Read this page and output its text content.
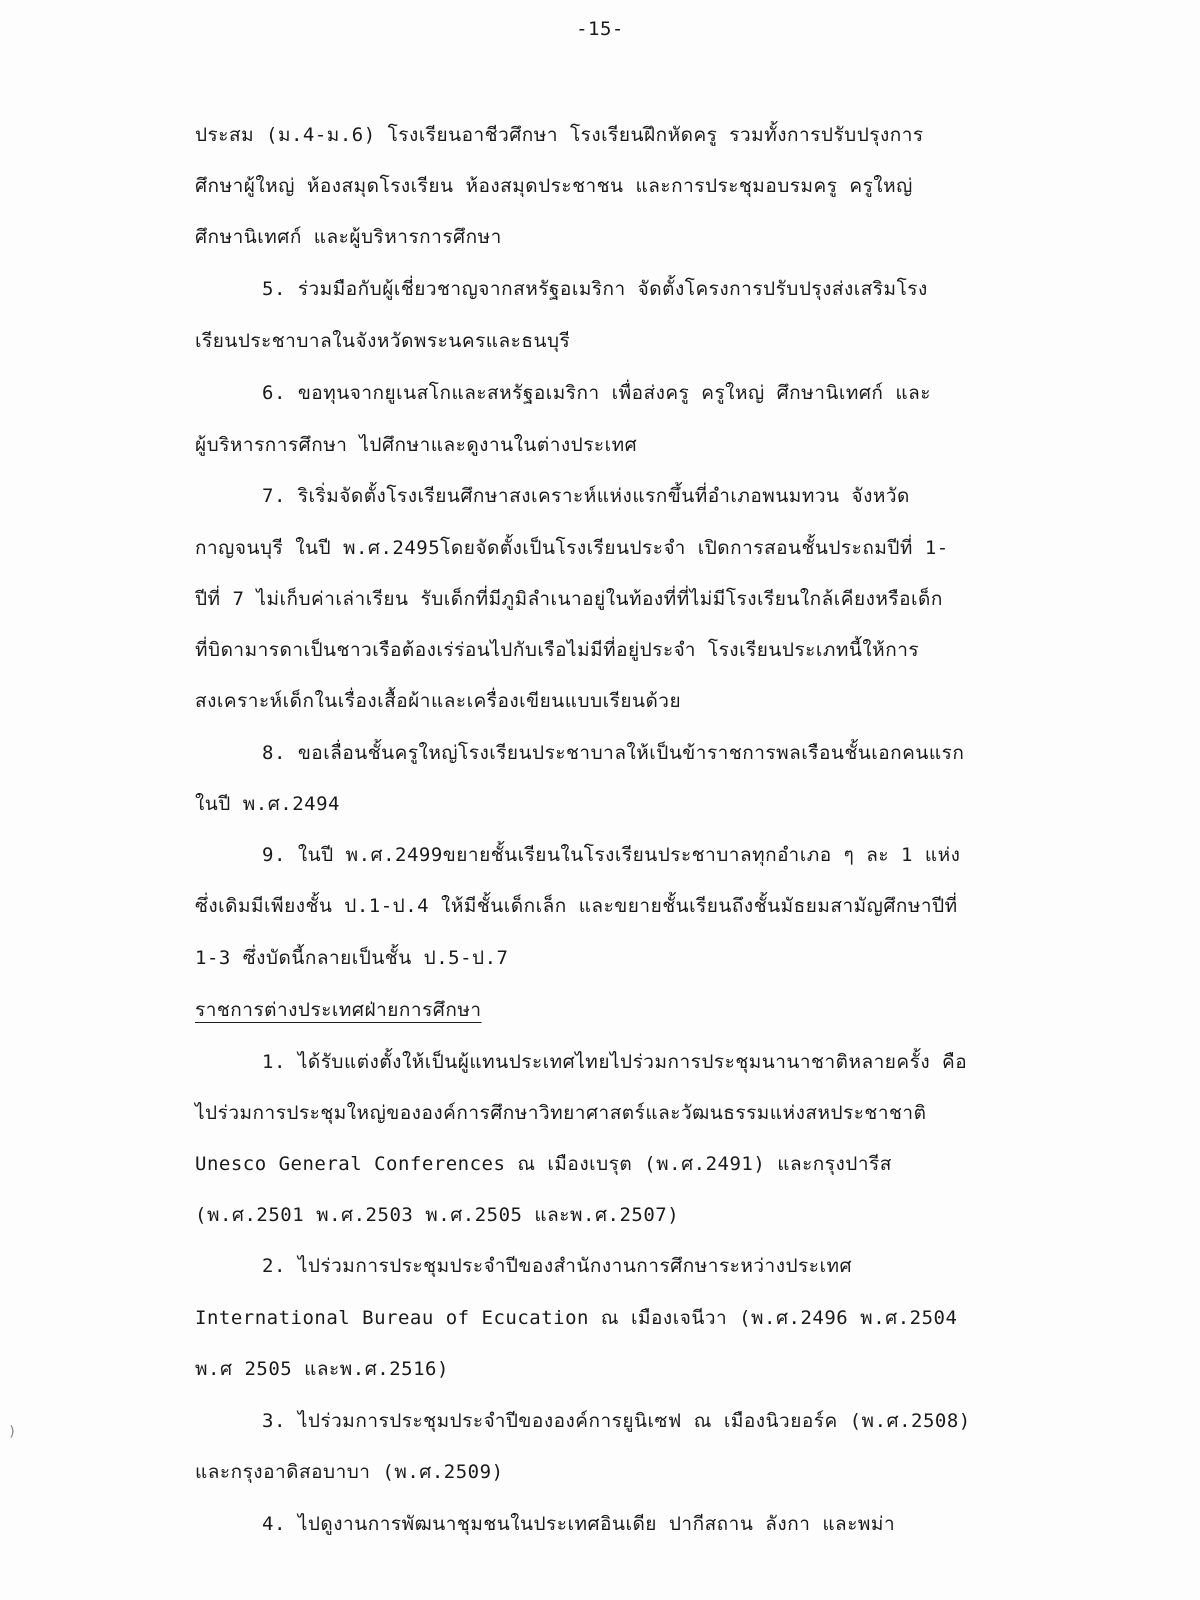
-15-
ประสม (ม.4-ม.6) โรงเรียนอาชีวศึกษา โรงเรียนฝึกหัดครู รวมทั้งการปรับปรุงการ
ศึกษาผู้ใหญ่ ห้องสมุดโรงเรียน ห้องสมุดประชาชน และการประชุมอบรมครู ครูใหญ่
ศึกษานิเทศก์ และผู้บริหารการศึกษา
5. ร่วมมือกับผู้เชี่ยวชาญจากสหรัฐอเมริกา จัดตั้งโครงการปรับปรุงส่งเสริมโรง
เรียนประชาบาลในจังหวัดพระนครและธนบุรี
6. ขอทุนจากยูเนสโกและสหรัฐอเมริกา เพื่อส่งครู ครูใหญ่ ศึกษานิเทศก์ และ
ผู้บริหารการศึกษา ไปศึกษาและดูงานในต่างประเทศ
7. ริเริ่มจัดตั้งโรงเรียนศึกษาสงเคราะห์แห่งแรกขึ้นที่อำเภอพนมทวน จังหวัด
กาญจนบุรี ในปี พ.ศ.2495โดยจัดตั้งเป็นโรงเรียนประจำ เปิดการสอนชั้นประถมปีที่ 1-
ปีที่ 7 ไม่เก็บค่าเล่าเรียน รับเด็กที่มีภูมิลำเนาอยู่ในท้องที่ที่ไม่มีโรงเรียนใกล้เคียงหรือเด็ก
ที่บิดามารดาเป็นชาวเรือต้องเร่ร่อนไปกับเรือไม่มีที่อยู่ประจำ โรงเรียนประเภทนี้ให้การ
สงเคราะห์เด็กในเรื่องเสื้อผ้าและเครื่องเขียนแบบเรียนด้วย
8. ขอเลื่อนชั้นครูใหญ่โรงเรียนประชาบาลให้เป็นข้าราชการพลเรือนชั้นเอกคนแรก
ในปี พ.ศ.2494
9. ในปี พ.ศ.2499ขยายชั้นเรียนในโรงเรียนประชาบาลทุกอำเภอ ๆ ละ 1 แห่ง
ซึ่งเดิมมีเพียงชั้น ป.1-ป.4 ให้มีชั้นเด็กเล็ก และขยายชั้นเรียนถึงชั้นมัธยมสามัญศึกษาปีที่
1-3 ซึ่งบัดนี้กลายเป็นชั้น ป.5-ป.7
ราชการต่างประเทศฝ่ายการศึกษา
1. ได้รับแต่งตั้งให้เป็นผู้แทนประเทศไทยไปร่วมการประชุมนานาชาติหลายครั้ง คือ
ไปร่วมการประชุมใหญ่ขององค์การศึกษาวิทยาศาสตร์และวัฒนธรรมแห่งสหประชาชาติ
Unesco General Conferences ณ เมืองเบรุต (พ.ศ.2491) และกรุงปารีส
(พ.ศ.2501 พ.ศ.2503 พ.ศ.2505 และพ.ศ.2507)
2. ไปร่วมการประชุมประจำปีของสำนักงานการศึกษาระหว่างประเทศ
International Bureau of Ecucation ณ เมืองเจนีวา (พ.ศ.2496 พ.ศ.2504
พ.ศ 2505 และพ.ศ.2516)
3. ไปร่วมการประชุมประจำปีขององค์การยูนิเซฟ ณ เมืองนิวยอร์ค (พ.ศ.2508)
และกรุงอาดิสอบาบา (พ.ศ.2509)
4. ไปดูงานการพัฒนาชุมชนในประเทศอินเดีย ปากีสถาน ลังกา และพม่า
)
